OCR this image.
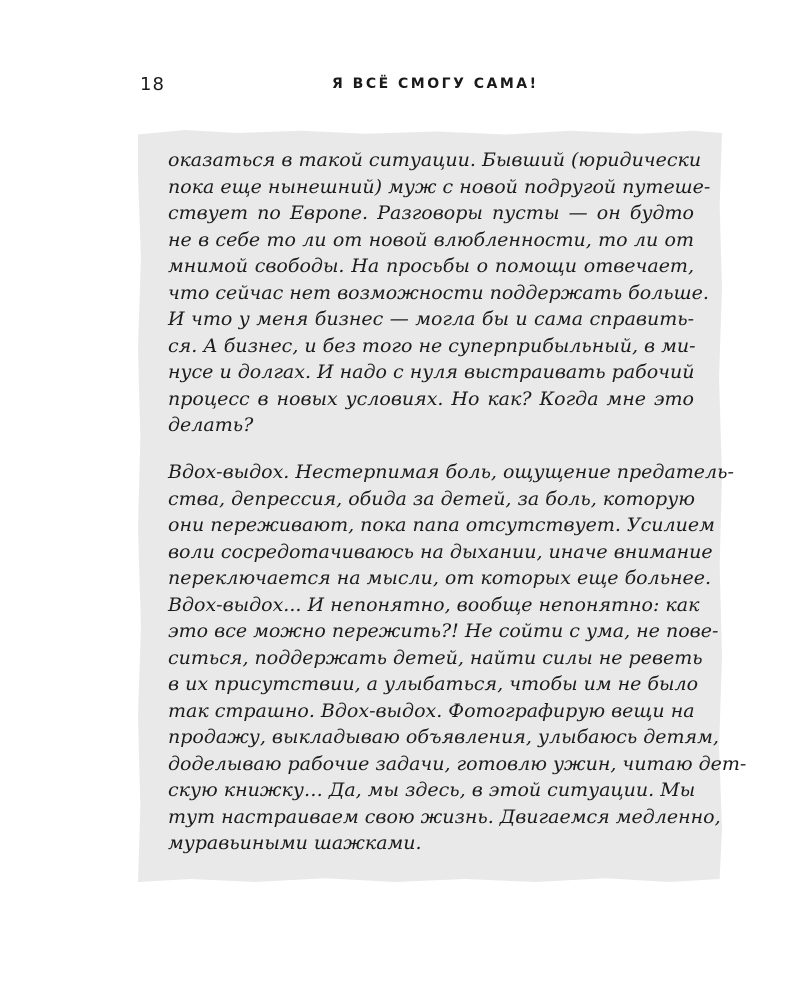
18	Я ВСЁ СМОГУ САМА!
оказаться в такой ситуации. Бывший (юридически
пока еще нынешний) муж с новой подругой путеше-
ствует по Европе. Разговоры пусты — он будто
не в себе то ли от новой влюбленности, то ли от
мнимой свободы. На просьбы о помощи отвечает,
что сейчас нет возможности поддержать больше.
И что у меня бизнес — могла бы и сама справить-
ся. А бизнес, и без того не суперприбыльный, в ми-
нусе и долгах. И надо с нуля выстраивать рабочий
процесс в новых условиях. Но как? Когда мне это
делать?
Вдох-выдох. Нестерпимая боль, ощущение предатель-
ства, депрессия, обида за детей, за боль, которую
они переживают, пока папа отсутствует. Усилием
воли сосредотачиваюсь на дыхании, иначе внимание
переключается на мысли, от которых еще больнее.
Вдох-выдох... И непонятно, вообще непонятно: как
это все можно пережить?! Не сойти с ума, не пове-
ситься, поддержать детей, найти силы не реветь
в их присутствии, а улыбаться, чтобы им не было
так страшно. Вдох-выдох. Фотографирую вещи на
продажу, выкладываю объявления, улыбаюсь детям,
доделываю рабочие задачи, готовлю ужин, читаю дет-
скую книжку… Да, мы здесь, в этой ситуации. Мы
тут настраиваем свою жизнь. Двигаемся медленно,
муравьиными шажками.
